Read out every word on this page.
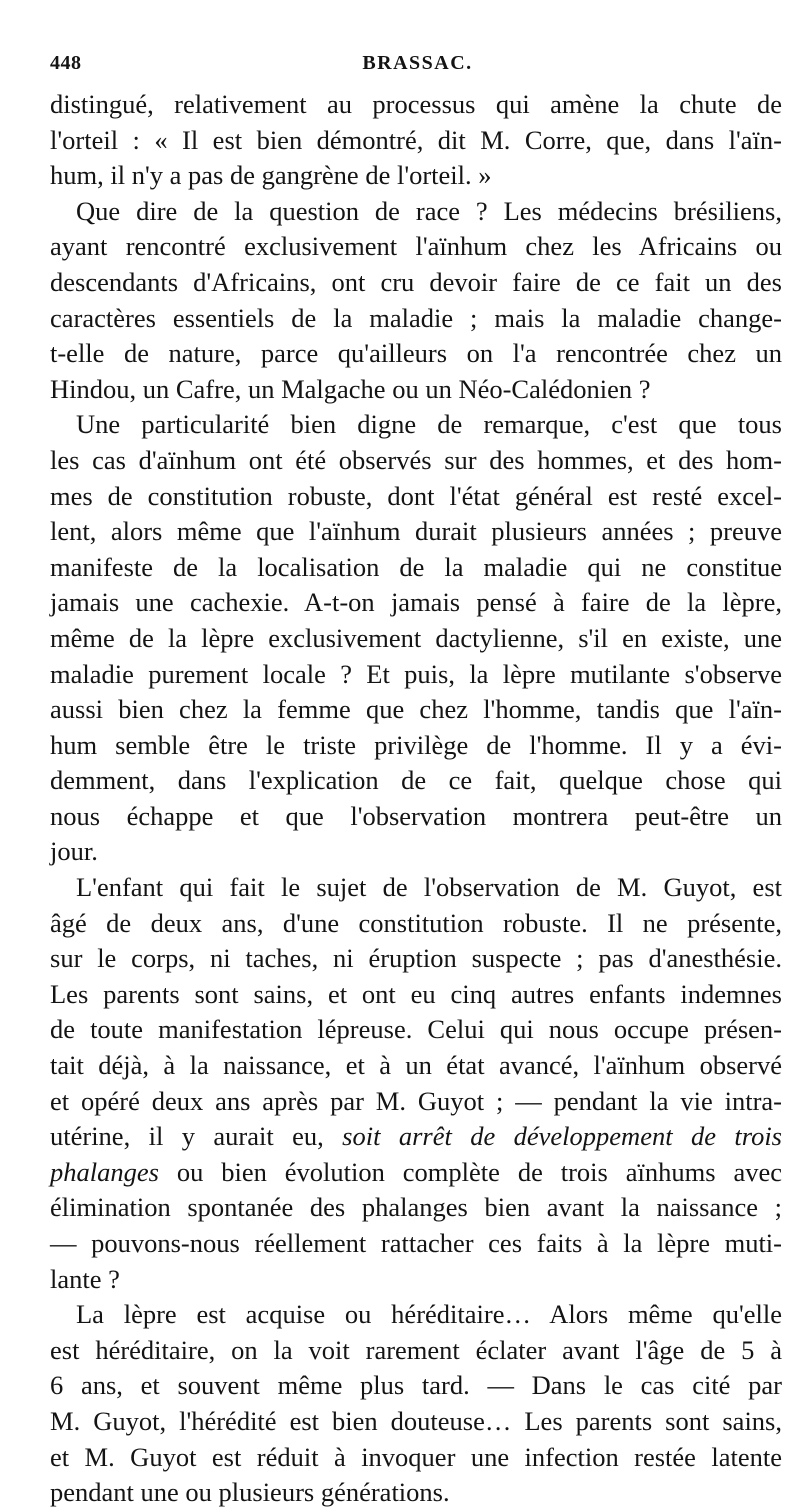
448	BRASSAC.
distingué, relativement au processus qui amène la chute de
l'orteil : « Il est bien démontré, dit M. Corre, que, dans l'aïn-
hum, il n'y a pas de gangrène de l'orteil. »
Que dire de la question de race ? Les médecins brésiliens,
ayant rencontré exclusivement l'aïnhum chez les Africains ou
descendants d'Africains, ont cru devoir faire de ce fait un des
caractères essentiels de la maladie ; mais la maladie change-
t-elle de nature, parce qu'ailleurs on l'a rencontrée chez un
Hindou, un Cafre, un Malgache ou un Néo-Calédonien ?
Une particularité bien digne de remarque, c'est que tous
les cas d'aïnhum ont été observés sur des hommes, et des hom-
mes de constitution robuste, dont l'état général est resté excel-
lent, alors même que l'aïnhum durait plusieurs années ; preuve
manifeste de la localisation de la maladie qui ne constitue
jamais une cachexie. A-t-on jamais pensé à faire de la lèpre,
même de la lèpre exclusivement dactylienne, s'il en existe, une
maladie purement locale ? Et puis, la lèpre mutilante s'observe
aussi bien chez la femme que chez l'homme, tandis que l'aïn-
hum semble être le triste privilège de l'homme. Il y a évi-
demment, dans l'explication de ce fait, quelque chose qui
nous échappe et que l'observation montrera peut-être un
jour.
L'enfant qui fait le sujet de l'observation de M. Guyot, est
âgé de deux ans, d'une constitution robuste. Il ne présente,
sur le corps, ni taches, ni éruption suspecte ; pas d'anesthésie.
Les parents sont sains, et ont eu cinq autres enfants indemnes
de toute manifestation lépreuse. Celui qui nous occupe présen-
tait déjà, à la naissance, et à un état avancé, l'aïnhum observé
et opéré deux ans après par M. Guyot ; — pendant la vie intra-
utérine, il y aurait eu, soit arrêt de développement de trois
phalanges ou bien évolution complète de trois aïnhums avec
élimination spontanée des phalanges bien avant la naissance ;
— pouvons-nous réellement rattacher ces faits à la lèpre muti-
lante ?
La lèpre est acquise ou héréditaire… Alors même qu'elle
est héréditaire, on la voit rarement éclater avant l'âge de 5 à
6 ans, et souvent même plus tard. — Dans le cas cité par
M. Guyot, l'hérédité est bien douteuse… Les parents sont sains,
et M. Guyot est réduit à invoquer une infection restée latente
pendant une ou plusieurs générations.
